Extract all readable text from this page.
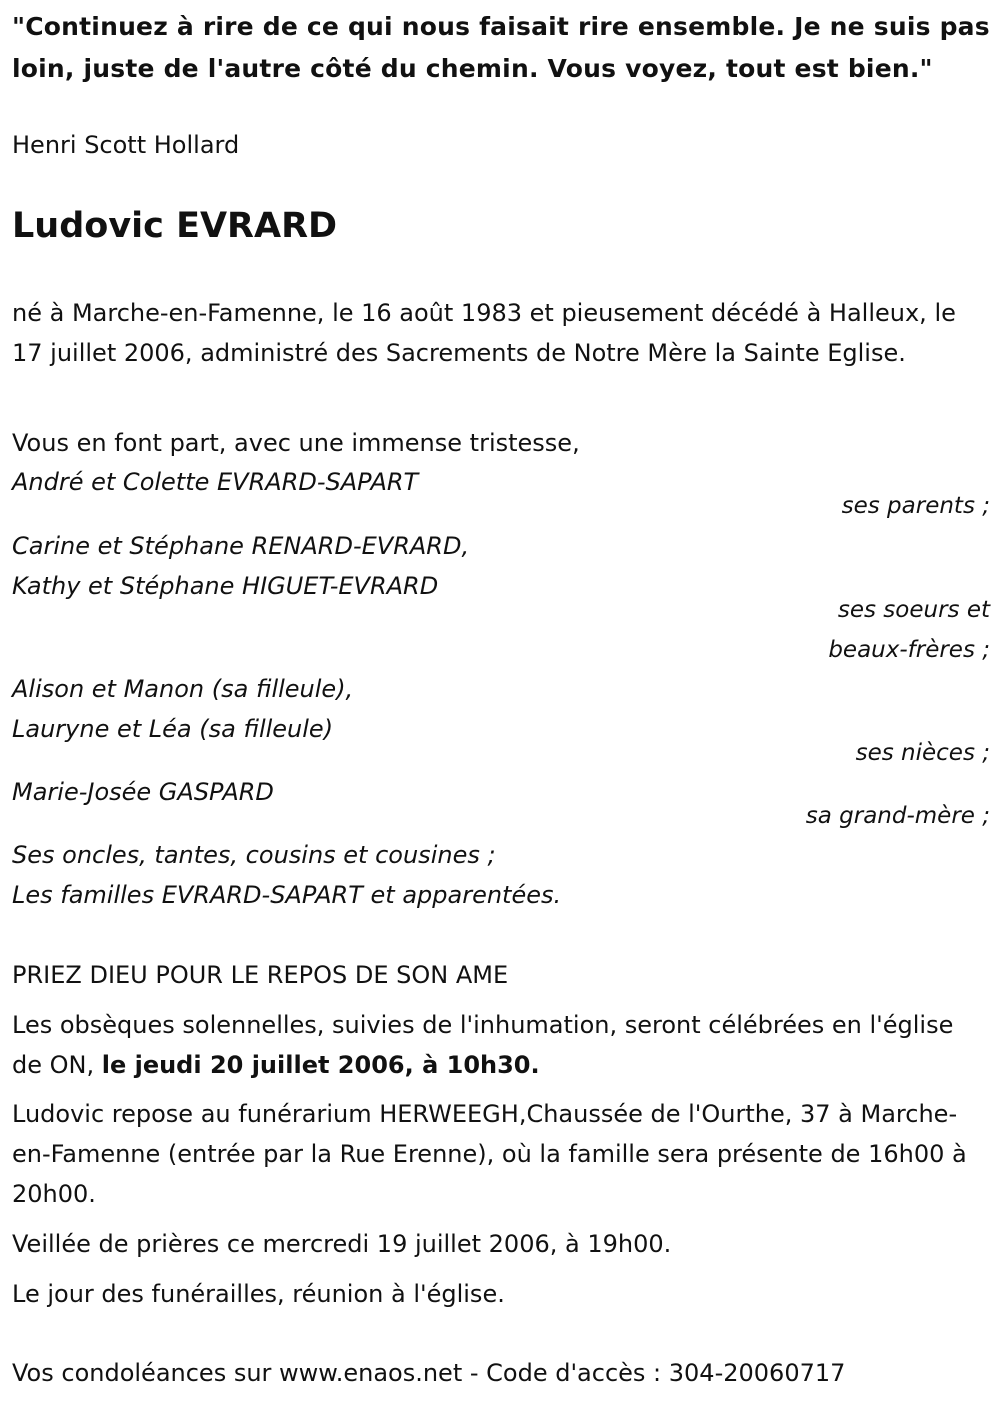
"Continuez à rire de ce qui nous faisait rire ensemble. Je ne suis pas loin, juste de l'autre côté du chemin. Vous voyez, tout est bien."
Henri Scott Hollard
Ludovic EVRARD
né à Marche-en-Famenne, le 16 août 1983 et pieusement décédé à Halleux, le 17 juillet 2006, administré des Sacrements de Notre Mère la Sainte Eglise.
Vous en font part, avec une immense tristesse,
André et Colette EVRARD-SAPART
ses parents ;
Carine et Stéphane RENARD-EVRARD,
Kathy et Stéphane HIGUET-EVRARD
ses soeurs et
beaux-frères ;
Alison et Manon (sa filleule),
Lauryne et Léa (sa filleule)
ses nièces ;
Marie-Josée GASPARD
sa grand-mère ;
Ses oncles, tantes, cousins et cousines ;
Les familles EVRARD-SAPART et apparentées.
PRIEZ DIEU POUR LE REPOS DE SON AME
Les obsèques solennelles, suivies de l'inhumation, seront célébrées en l'église de ON, le jeudi 20 juillet 2006, à 10h30.
Ludovic repose au funérarium HERWEEGH,Chaussée de l'Ourthe, 37 à Marche-en-Famenne (entrée par la Rue Erenne), où la famille sera présente de 16h00 à 20h00.
Veillée de prières ce mercredi 19 juillet 2006, à 19h00.
Le jour des funérailles, réunion à l'église.
Vos condoléances sur www.enaos.net - Code d'accès : 304-20060717
